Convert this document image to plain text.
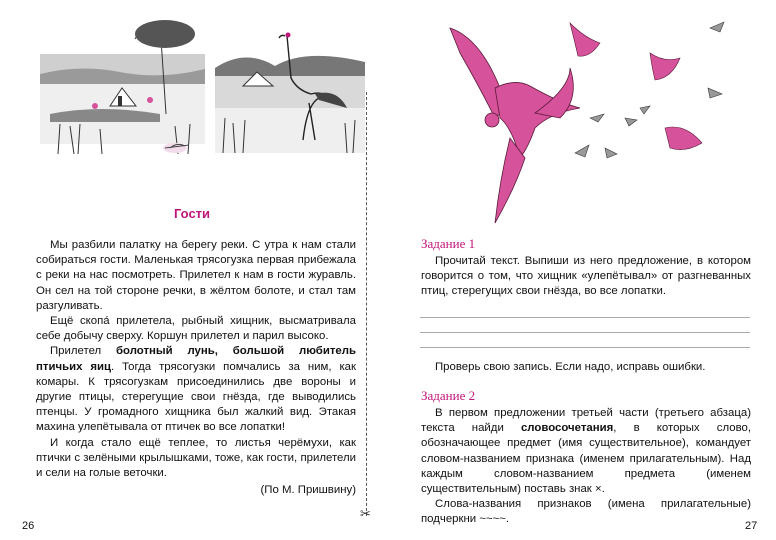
Гости

Мы разбили палатку на берегу реки. С утра к нам стали собираться гости. Маленькая трясогузка первая прибежала с реки на нас посмотреть. Прилетел к нам в гости журавль. Он сел на той стороне речки, в жёлтом болоте, и стал там разгуливать.

Ещё скопа́ прилетела, рыбный хищник, высматривала себе добычу сверху. Коршун прилетел и парил высоко.

Прилетел болотный лунь, большой любитель птичьих яиц. Тогда трясогузки помчались за ним, как комары. К трясогузкам присоединились две вороны и другие птицы, стерегущие свои гнёзда, где выводились птенцы. У громадного хищника был жалкий вид. Этакая махина улепётывала от птичек во все лопатки!

И когда стало ещё теплее, то листья черёмухи, как птички с зелёными крылышками, тоже, как гости, прилетели и сели на голые веточки.

(По М. Пришвину)

26
✂
Задание 1

Прочитай текст. Выпиши из него предложение, в котором говорится о том, что хищник «улепётывал» от разгневанных птиц, стерегущих свои гнёзда, во все лопатки.

Проверь свою запись. Если надо, исправь ошибки.

Задание 2

В первом предложении третьей части (третьего абзаца) текста найди словосочетания, в которых слово, обозначающее предмет (имя существительное), командует словом-названием признака (именем прилагательным). Над каждым словом-названием предмета (именем существительным) поставь знак ×.

Слова-названия признаков (имена прилагательные) подчеркни ~~~~.

27
